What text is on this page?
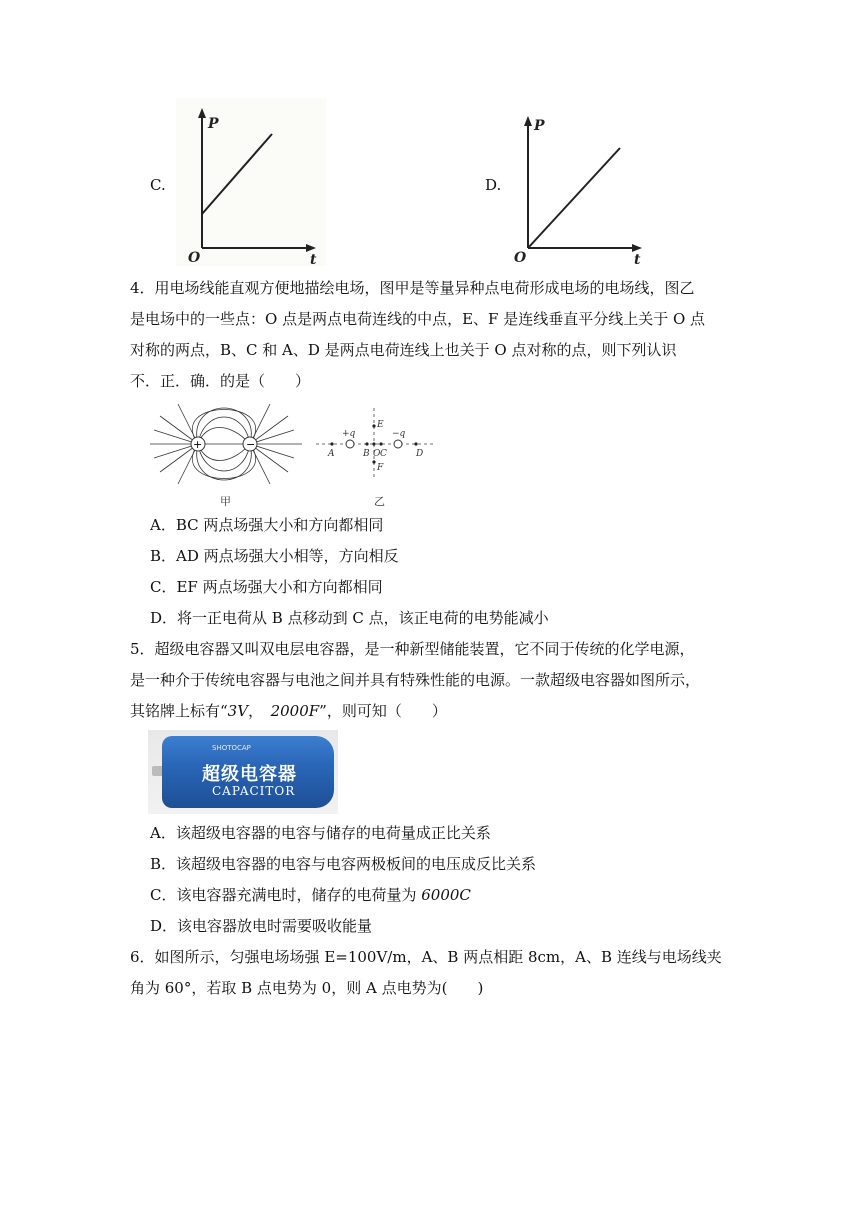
C.
P
t
O
D.
P
t
O
4．用电场线能直观方便地描绘电场，图甲是等量异种点电荷形成电场的电场线，图乙
是电场中的一些点：O 点是两点电荷连线的中点，E、F 是连线垂直平分线上关于 O 点
对称的两点，B、C 和 A、D 是两点电荷连线上也关于 O 点对称的点，则下列认识
不．正．确．的是（　　）
+	−
甲
+q	−q
A	B O C	D
E
F
乙
A．BC 两点场强大小和方向都相同
B．AD 两点场强大小相等，方向相反
C．EF 两点场强大小和方向都相同
D．将一正电荷从 B 点移动到 C 点，该正电荷的电势能减小
5．超级电容器又叫双电层电容器，是一种新型储能装置，它不同于传统的化学电源，
是一种介于传统电容器与电池之间并具有特殊性能的电源。一款超级电容器如图所示，
其铭牌上标有“3V，　2000F”，则可知（　　）
SHOTOCAP
超级电容器
CAPACITOR
A．该超级电容器的电容与储存的电荷量成正比关系
B．该超级电容器的电容与电容两极板间的电压成反比关系
C．该电容器充满电时，储存的电荷量为 6000C
D．该电容器放电时需要吸收能量
6．如图所示，匀强电场场强 E=100V/m，A、B 两点相距 8cm，A、B 连线与电场线夹
角为 60°，若取 B 点电势为 0，则 A 点电势为(　　)
